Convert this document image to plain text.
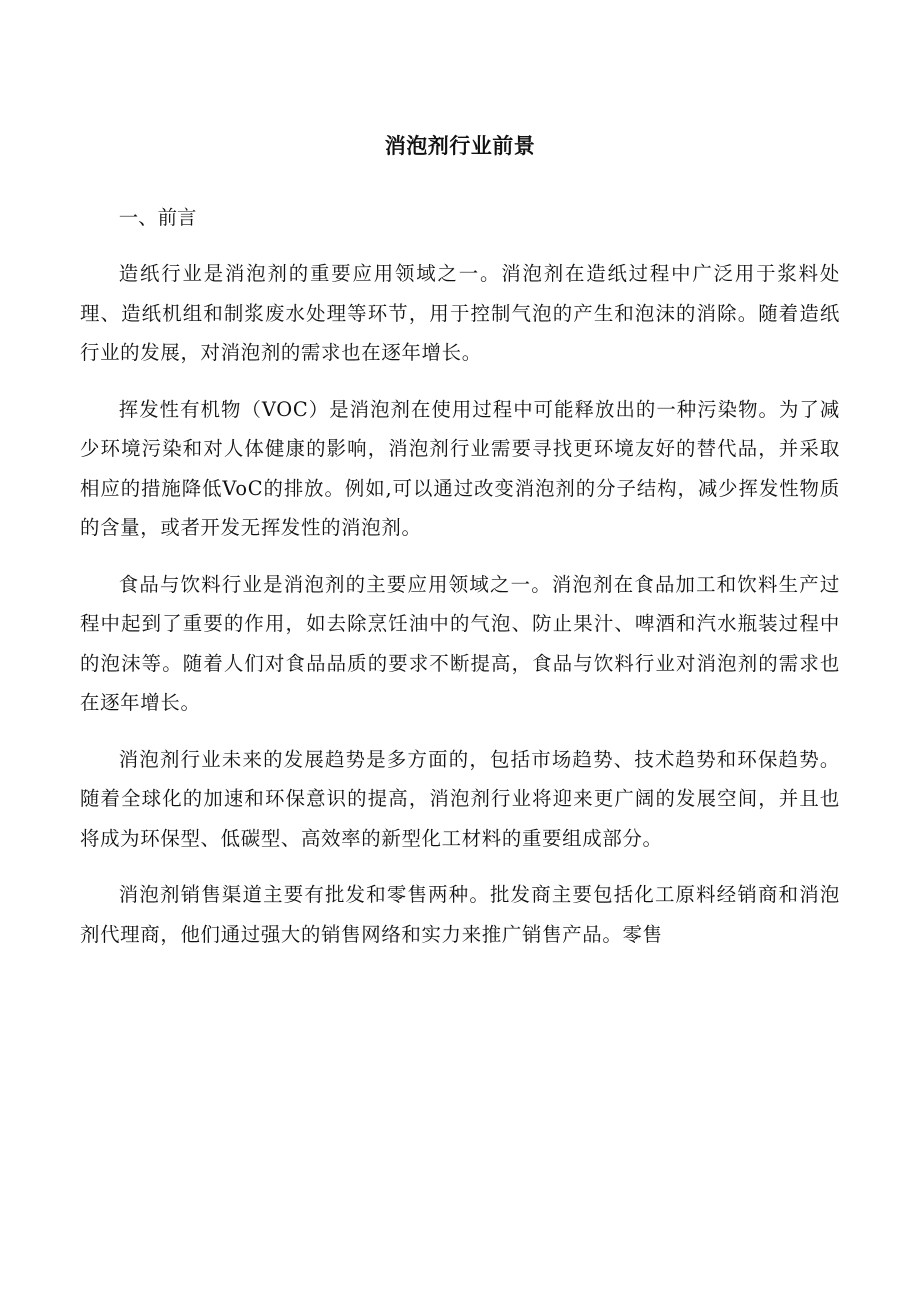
消泡剂行业前景

一、前言

造纸行业是消泡剂的重要应用领域之一。消泡剂在造纸过程中广泛用于浆料处理、造纸机组和制浆废水处理等环节，用于控制气泡的产生和泡沫的消除。随着造纸行业的发展，对消泡剂的需求也在逐年增长。

挥发性有机物（VOC）是消泡剂在使用过程中可能释放出的一种污染物。为了减少环境污染和对人体健康的影响，消泡剂行业需要寻找更环境友好的替代品，并采取相应的措施降低VoC的排放。例如,可以通过改变消泡剂的分子结构，减少挥发性物质的含量，或者开发无挥发性的消泡剂。

食品与饮料行业是消泡剂的主要应用领域之一。消泡剂在食品加工和饮料生产过程中起到了重要的作用，如去除烹饪油中的气泡、防止果汁、啤酒和汽水瓶装过程中的泡沫等。随着人们对食品品质的要求不断提高，食品与饮料行业对消泡剂的需求也在逐年增长。

消泡剂行业未来的发展趋势是多方面的，包括市场趋势、技术趋势和环保趋势。随着全球化的加速和环保意识的提高，消泡剂行业将迎来更广阔的发展空间，并且也将成为环保型、低碳型、高效率的新型化工材料的重要组成部分。

消泡剂销售渠道主要有批发和零售两种。批发商主要包括化工原料经销商和消泡剂代理商，他们通过强大的销售网络和实力来推广销售产品。零售
